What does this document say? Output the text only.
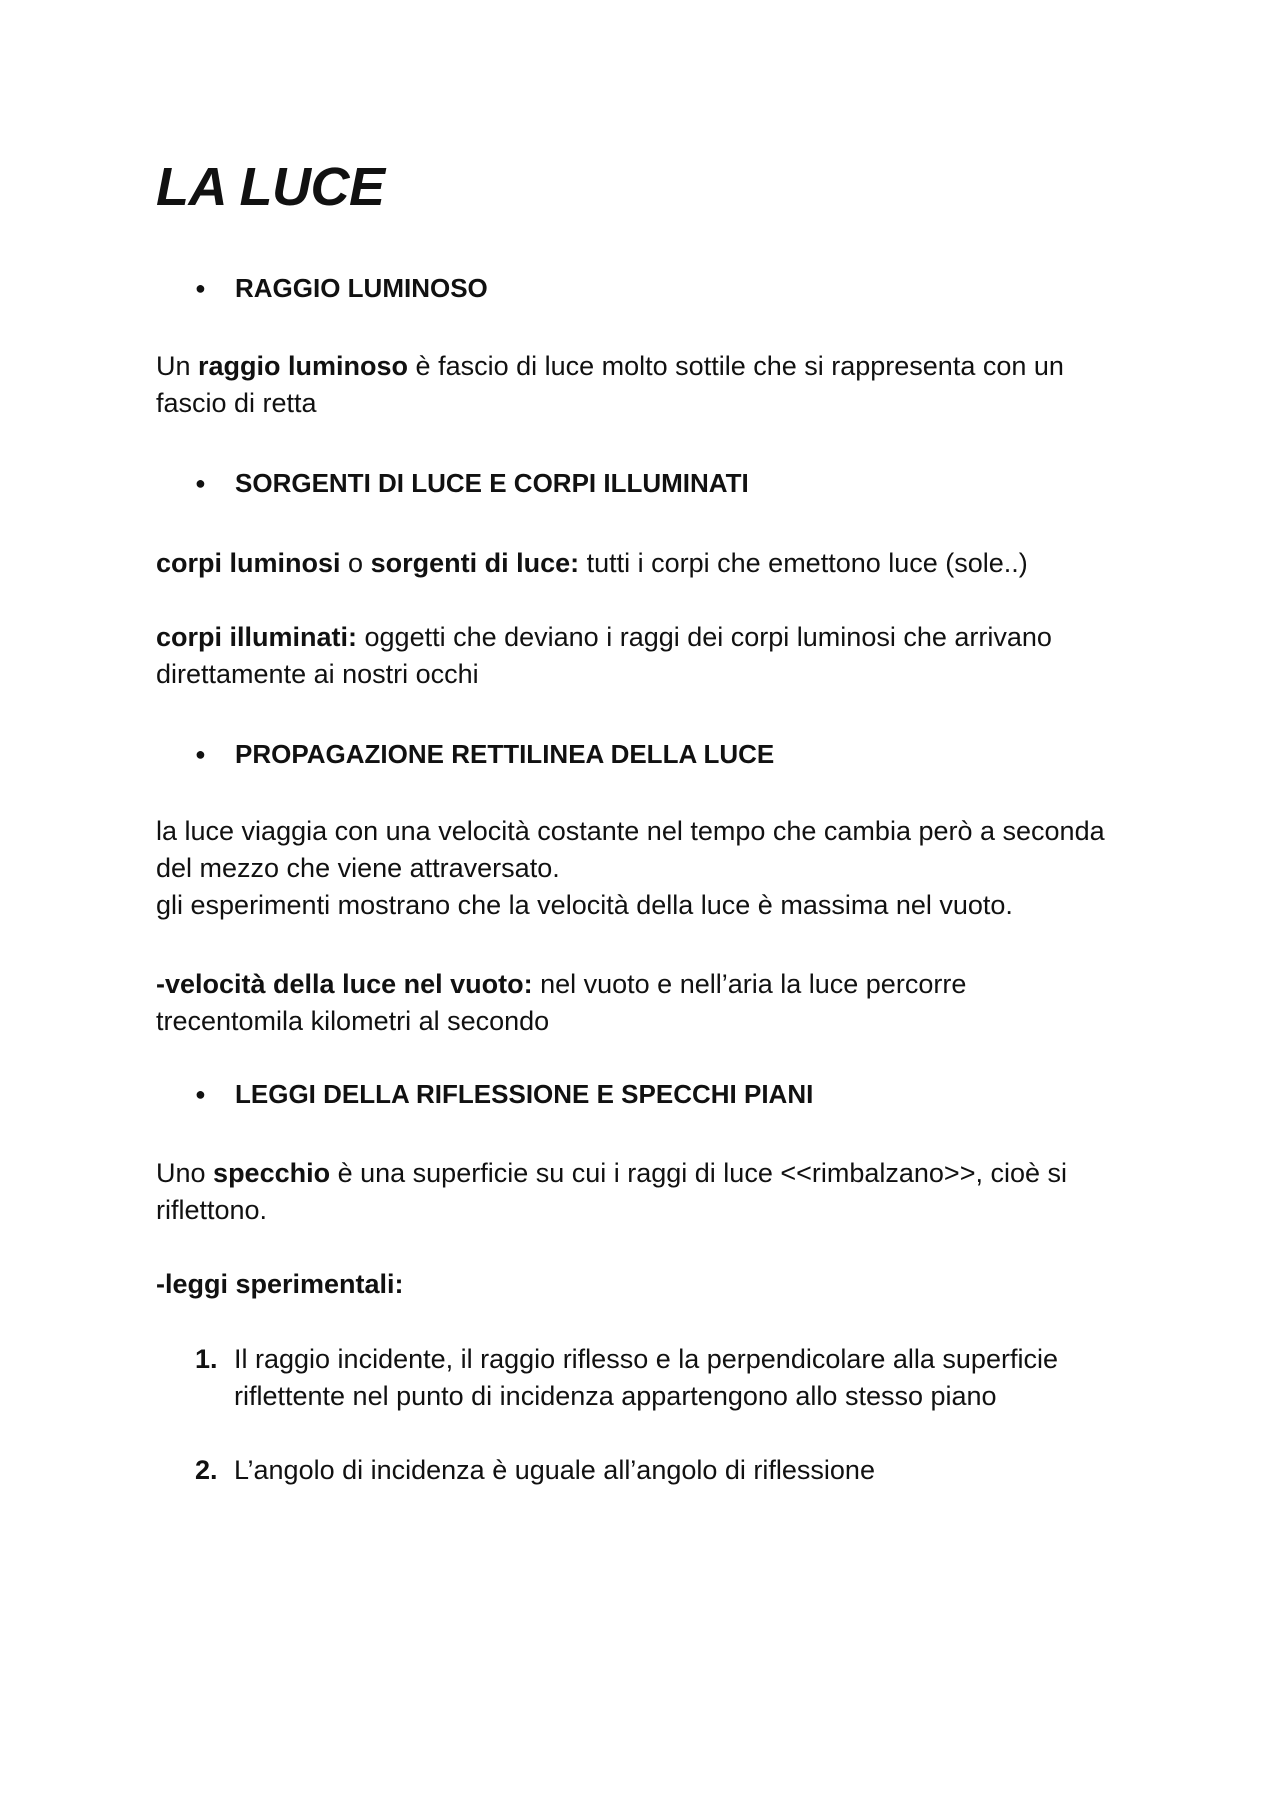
LA LUCE
● RAGGIO LUMINOSO

Un raggio luminoso è fascio di luce molto sottile che si rappresenta con un fascio di retta

● SORGENTI DI LUCE E CORPI ILLUMINATI

corpi luminosi o sorgenti di luce: tutti i corpi che emettono luce (sole..)

corpi illuminati: oggetti che deviano i raggi dei corpi luminosi che arrivano direttamente ai nostri occhi

● PROPAGAZIONE RETTILINEA DELLA LUCE

la luce viaggia con una velocità costante nel tempo che cambia però a seconda del mezzo che viene attraversato.

gli esperimenti mostrano che la velocità della luce è massima nel vuoto.

-velocità della luce nel vuoto: nel vuoto e nell’aria la luce percorre trecentomila kilometri al secondo

● LEGGI DELLA RIFLESSIONE E SPECCHI PIANI

Uno specchio è una superficie su cui i raggi di luce <<rimbalzano>>, cioè si riflettono.

-leggi sperimentali:

1. Il raggio incidente, il raggio riflesso e la perpendicolare alla superficie riflettente nel punto di incidenza appartengono allo stesso piano
2. L’angolo di incidenza è uguale all’angolo di riflessione
